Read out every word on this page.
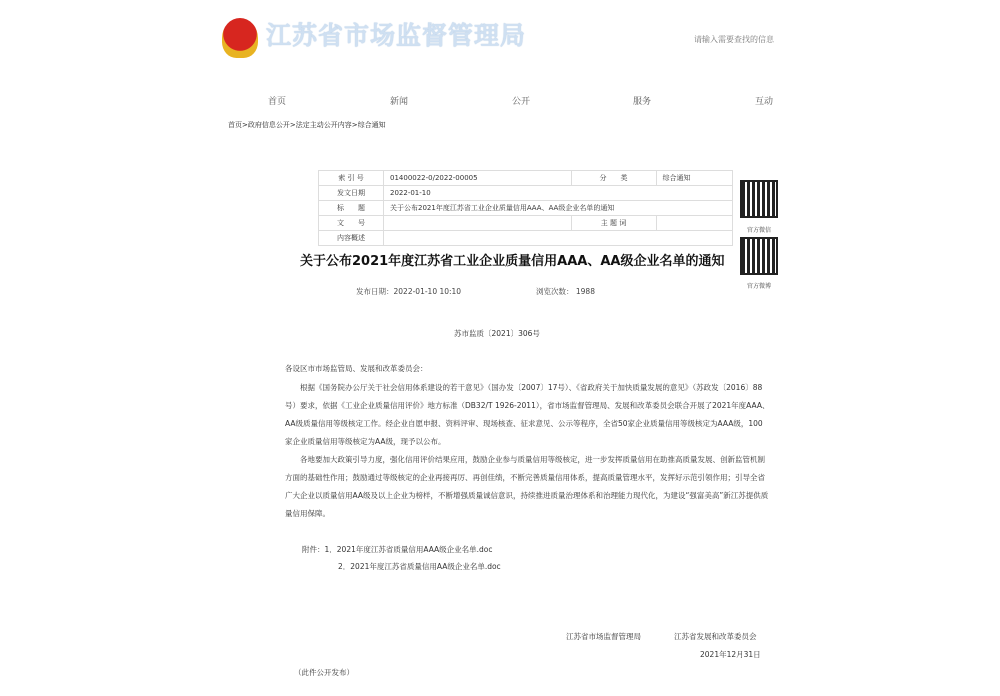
江苏省市场监督管理局	请输入需要查找的信息
首页	新闻	公开	服务	互动
首页>政府信息公开>法定主动公开内容>综合通知
索 引 号	01400022-0/2022-00005	分　　类	综合通知
发文日期	2022-01-10		
标　　题	关于公布2021年度江苏省工业企业质量信用AAA、AA级企业名单的通知		
文　　号		主 题 词	
内容概述			
官方微信
官方微博
关于公布2021年度江苏省工业企业质量信用AAA、AA级企业名单的通知
发布日期：2022-01-10 10:10	浏览次数： 1988
苏市监质〔2021〕306号
各设区市市场监管局、发展和改革委员会：
根据《国务院办公厅关于社会信用体系建设的若干意见》（国办发〔2007〕17号）、《省政府关于加快质量发展的意见》（苏政发〔2016〕88号）要求，依据《工业企业质量信用评价》地方标准（DB32/T 1926-2011），省市场监督管理局、发展和改革委员会联合开展了2021年度AAA、AA级质量信用等级核定工作。经企业自愿申报、资料评审、现场核查、征求意见、公示等程序，全省50家企业质量信用等级核定为AAA级，100家企业质量信用等级核定为AA级，现予以公布。
各地要加大政策引导力度，强化信用评价结果应用，鼓励企业参与质量信用等级核定，进一步发挥质量信用在助推高质量发展、创新监管机制方面的基础性作用；鼓励通过等级核定的企业再接再厉、再创佳绩，不断完善质量信用体系，提高质量管理水平，发挥好示范引领作用；引导全省广大企业以质量信用AA级及以上企业为榜样，不断增强质量诚信意识，持续推进质量治理体系和治理能力现代化，为建设“强富美高”新江苏提供质量信用保障。
附件：1．2021年度江苏省质量信用AAA级企业名单.doc
2．2021年度江苏省质量信用AA级企业名单.doc
江苏省市场监督管理局	江苏省发展和改革委员会
2021年12月31日
（此件公开发布）
